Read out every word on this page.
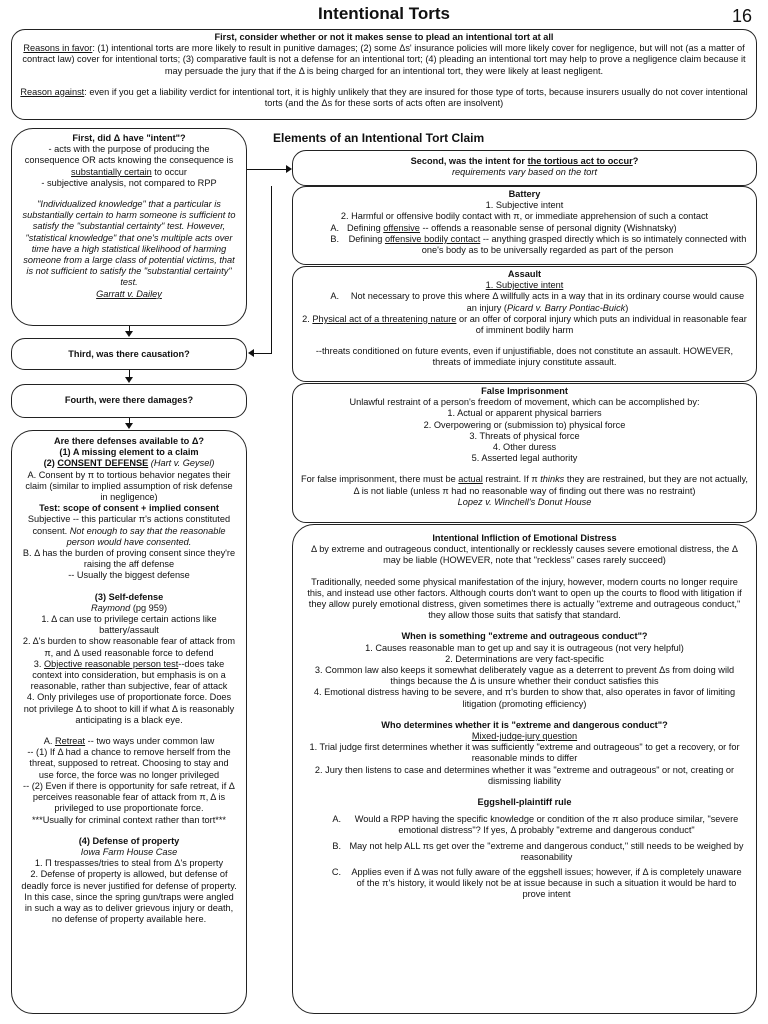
Intentional Torts	16

First, consider whether or not it makes sense to plead an intentional tort at all

Reasons in favor: (1) intentional torts are more likely to result in punitive damages; (2) some Δs' insurance policies will more likely cover for negligence, but will not (as a matter of contract law) cover for intentional torts; (3) comparative fault is not a defense for an intentional tort; (4) pleading an intentional tort may help to prove a negligence claim because it may persuade the jury that if the Δ is being charged for an intentional tort, they were likely at least negligent.

Reason against: even if you get a liability verdict for intentional tort, it is highly unlikely that they are insured for those type of torts, because insurers usually do not cover intentional torts (and the Δs for these sorts of acts often are insolvent)

First, did Δ have "intent"?

- acts with the purpose of producing the consequence OR acts knowing the consequence is substantially certain to occur

- subjective analysis, not compared to RPP

"Individualized knowledge" that a particular is substantially certain to harm someone is sufficient to satisfy the "substantial certainty" test. However, "statistical knowledge" that one's multiple acts over time have a high statistical likelihood of harming someone from a large class of potential victims, that is not sufficient to satisfy the "substantial certainty" test.

Garratt v. Dailey

Elements of an Intentional Tort Claim

Second, was the intent for the tortious act to occur?

requirements vary based on the tort

Battery

1. Subjective intent

2. Harmful or offensive bodily contact with π, or immediate apprehension of such a contact

A. Defining offensive -- offends a reasonable sense of personal dignity (Wishnatsky)
B.	Defining offensive bodily contact -- anything grasped directly which is so intimately connected with one's body as to be universally regarded as part of the person

Assault

1. Subjective intent

A.	Not necessary to prove this where Δ willfully acts in a way that in its ordinary course would cause an injury (Picard v. Barry Pontiac-Buick)

2. Physical act of a threatening nature or an offer of corporal injury which puts an individual in reasonable fear of imminent bodily harm

--threats conditioned on future events, even if unjustifiable, does not constitute an assault. HOWEVER, threats of immediate injury constitute assault.

False Imprisonment

Unlawful restraint of a person's freedom of movement, which can be accomplished by:

1. Actual or apparent physical barriers

2. Overpowering or (submission to) physical force

3. Threats of physical force

4. Other duress

5. Asserted legal authority

For false imprisonment, there must be actual restraint. If π thinks they are restrained, but they are not actually, Δ is not liable (unless π had no reasonable way of finding out there was no restraint)

Lopez v. Winchell's Donut House

Third, was there causation?
Fourth, were there damages?

Are there defenses available to Δ?

(1) A missing element to a claim

(2) CONSENT DEFENSE (Hart v. Geysel)

A. Consent by π to tortious behavior negates their claim (similar to implied assumption of risk defense in negligence)

Test: scope of consent + implied consent

Subjective -- this particular π's actions constituted consent. Not enough to say that the reasonable person would have consented.

B. Δ has the burden of proving consent since they're raising the aff defense

-- Usually the biggest defense

(3) Self-defense

Raymond (pg 959)

1. Δ can use to privilege certain actions like battery/assault

2. Δ's burden to show reasonable fear of attack from π, and Δ used reasonable force to defend

3. Objective reasonable person test--does take context into consideration, but emphasis is on a reasonable, rather than subjective, fear of attack

4. Only privileges use of proportionate force. Does not privilege Δ to shoot to kill if what Δ is reasonably anticipating is a black eye.

A. Retreat -- two ways under common law

-- (1) If Δ had a chance to remove herself from the threat, supposed to retreat. Choosing to stay and use force, the force was no longer privileged

-- (2) Even if there is opportunity for safe retreat, if Δ perceives reasonable fear of attack from π, Δ is privileged to use proportionate force.

***Usually for criminal context rather than tort***

(4) Defense of property

Iowa Farm House Case

1. Π trespasses/tries to steal from Δ's property

2. Defense of property is allowed, but defense of deadly force is never justified for defense of property. In this case, since the spring gun/traps were angled in such a way as to deliver grievous injury or death, no defense of property available here.

Intentional Infliction of Emotional Distress

Δ by extreme and outrageous conduct, intentionally or recklessly causes severe emotional distress, the Δ may be liable (HOWEVER, note that "reckless" cases rarely succeed)

Traditionally, needed some physical manifestation of the injury, however, modern courts no longer require this, and instead use other factors. Although courts don't want to open up the courts to flood with litigation if they allow purely emotional distress, given sometimes there is actually "extreme and outrageous conduct," they allow those suits that satisfy that standard.

When is something "extreme and outrageous conduct"?

1. Causes reasonable man to get up and say it is outrageous (not very helpful)

2. Determinations are very fact-specific

3. Common law also keeps it somewhat deliberately vague as a deterrent to prevent Δs from doing wild things because the Δ is unsure whether their conduct satisfies this

4. Emotional distress having to be severe, and π's burden to show that, also operates in favor of limiting litigation (promoting efficiency)

Who determines whether it is "extreme and dangerous conduct"?

Mixed-judge-jury question

1. Trial judge first determines whether it was sufficiently "extreme and outrageous" to get a recovery, or for reasonable minds to differ

2. Jury then listens to case and determines whether it was "extreme and outrageous" or not, creating or dismissing liability

Eggshell-plaintiff rule

A.	Would a RPP having the specific knowledge or condition of the π also produce similar, "severe emotional distress"? If yes, Δ probably "extreme and dangerous conduct"
B. May not help ALL πs get over the "extreme and dangerous conduct," still needs to be weighed by reasonability
C.	Applies even if Δ was not fully aware of the eggshell issues; however, if Δ is completely unaware of the π's history, it would likely not be at issue because in such a situation it would be hard to prove intent
